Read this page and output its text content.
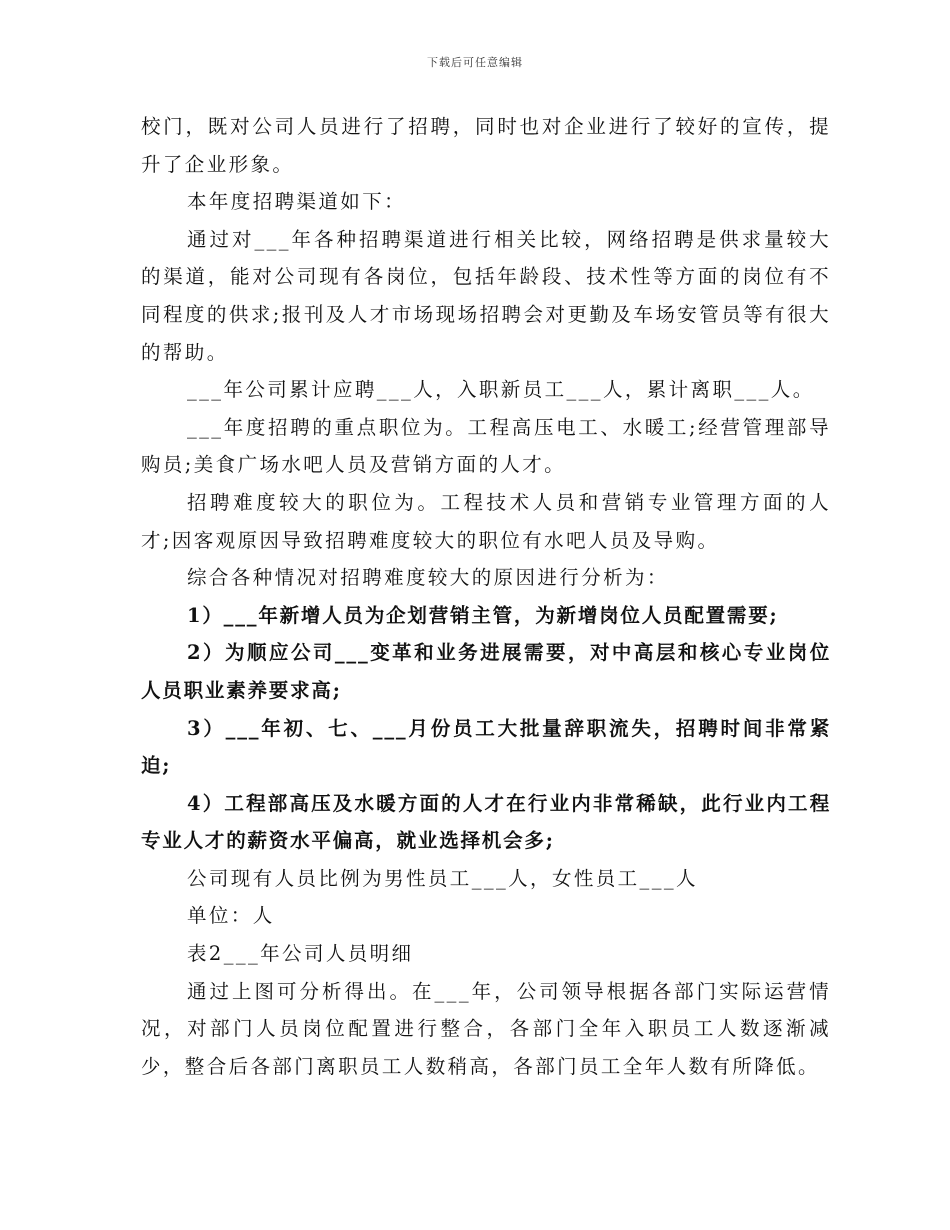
下载后可任意编辑

校门，既对公司人员进行了招聘，同时也对企业进行了较好的宣传，提升了企业形象。

本年度招聘渠道如下：

通过对___年各种招聘渠道进行相关比较，网络招聘是供求量较大的渠道，能对公司现有各岗位，包括年龄段、技术性等方面的岗位有不同程度的供求;报刊及人才市场现场招聘会对更勤及车场安管员等有很大的帮助。

___年公司累计应聘___人，入职新员工___人，累计离职___人。

___年度招聘的重点职位为。工程高压电工、水暖工;经营管理部导购员;美食广场水吧人员及营销方面的人才。

招聘难度较大的职位为。工程技术人员和营销专业管理方面的人才;因客观原因导致招聘难度较大的职位有水吧人员及导购。

综合各种情况对招聘难度较大的原因进行分析为：

1）___年新增人员为企划营销主管，为新增岗位人员配置需要;

2）为顺应公司___变革和业务进展需要，对中高层和核心专业岗位人员职业素养要求高;

3）___年初、七、___月份员工大批量辞职流失，招聘时间非常紧迫;

4）工程部高压及水暖方面的人才在行业内非常稀缺，此行业内工程专业人才的薪资水平偏高，就业选择机会多;

公司现有人员比例为男性员工___人，女性员工___人

单位：人

表2___年公司人员明细

通过上图可分析得出。在___年，公司领导根据各部门实际运营情况，对部门人员岗位配置进行整合，各部门全年入职员工人数逐渐减少，整合后各部门离职员工人数稍高，各部门员工全年人数有所降低。
